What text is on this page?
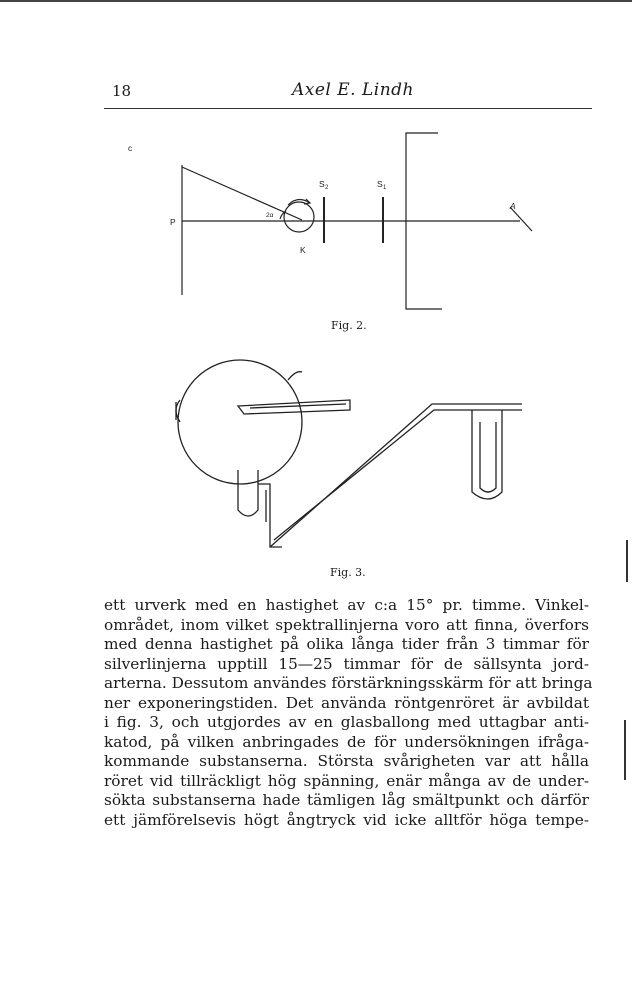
18	Axel E. Lindh
c
P
K
S 2	S 1
A
2α
Fig. 2.
Fig. 3.
ett urverk med en hastighet av c:a 15° pr. timme. Vinkel-
området, inom vilket spektrallinjerna voro att finna, överfors
med denna hastighet på olika långa tider från 3 timmar för
silverlinjerna upptill 15—25 timmar för de sällsynta jord-
arterna. Dessutom användes förstärkningsskärm för att bringa
ner exponeringstiden. Det använda röntgenröret är avbildat
i fig. 3, och utgjordes av en glasballong med uttagbar anti-
katod, på vilken anbringades de för undersökningen ifråga-
kommande substanserna. Största svårigheten var att hålla
röret vid tillräckligt hög spänning, enär många av de under-
sökta substanserna hade tämligen låg smältpunkt och därför
ett jämförelsevis högt ångtryck vid icke alltför höga tempe-
